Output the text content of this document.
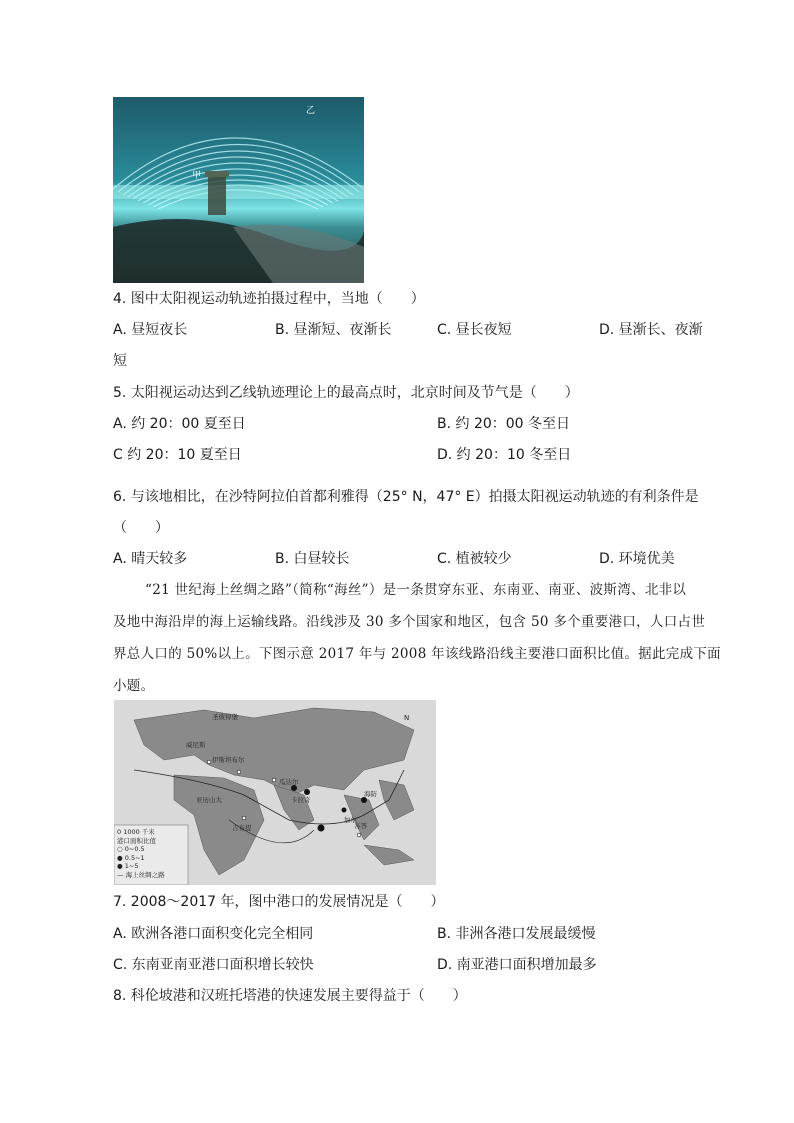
乙
甲
4. 图中太阳视运动轨迹拍摄过程中，当地（　　）
A. 昼短夜长	B. 昼渐短、夜渐长	C. 昼长夜短	D. 昼渐长、夜渐
短
5. 太阳视运动达到乙线轨迹理论上的最高点时，北京时间及节气是（　　）
A. 约 20：00 夏至日	B. 约 20：00 冬至日
C 约 20：10 夏至日	D. 约 20：10 冬至日
6. 与该地相比，在沙特阿拉伯首都利雅得（25° N，47° E）拍摄太阳视运动轨迹的有利条件是
（　　）
A. 晴天较多	B. 白昼较长	C. 植被较少	D. 环境优美
“21 世纪海上丝绸之路”（简称“海丝”）是一条贯穿东亚、东南亚、南亚、波斯湾、北非以
及地中海沿岸的海上运输线路。沿线涉及 30 多个国家和地区，包含 50 多个重要港口，人口占世
界总人口的 50%以上。下图示意 2017 年与 2008 年该线路沿线主要港口面积比值。据此完成下面
小题。
圣彼得堡
威尼斯
伊斯坦布尔
亚历山大
瓜达尔
卡拉奇
加尔
各答
海防
吉布提
N
0 1000 千米
港口面积比值
○ 0~0.5
● 0.5~1
● 1~5
— 海上丝绸之路
7. 2008～2017 年，图中港口的发展情况是（　　）
A. 欧洲各港口面积变化完全相同	B. 非洲各港口发展最缓慢
C. 东南亚南亚港口面积增长较快	D. 南亚港口面积增加最多
8. 科伦坡港和汉班托塔港的快速发展主要得益于（　　）
